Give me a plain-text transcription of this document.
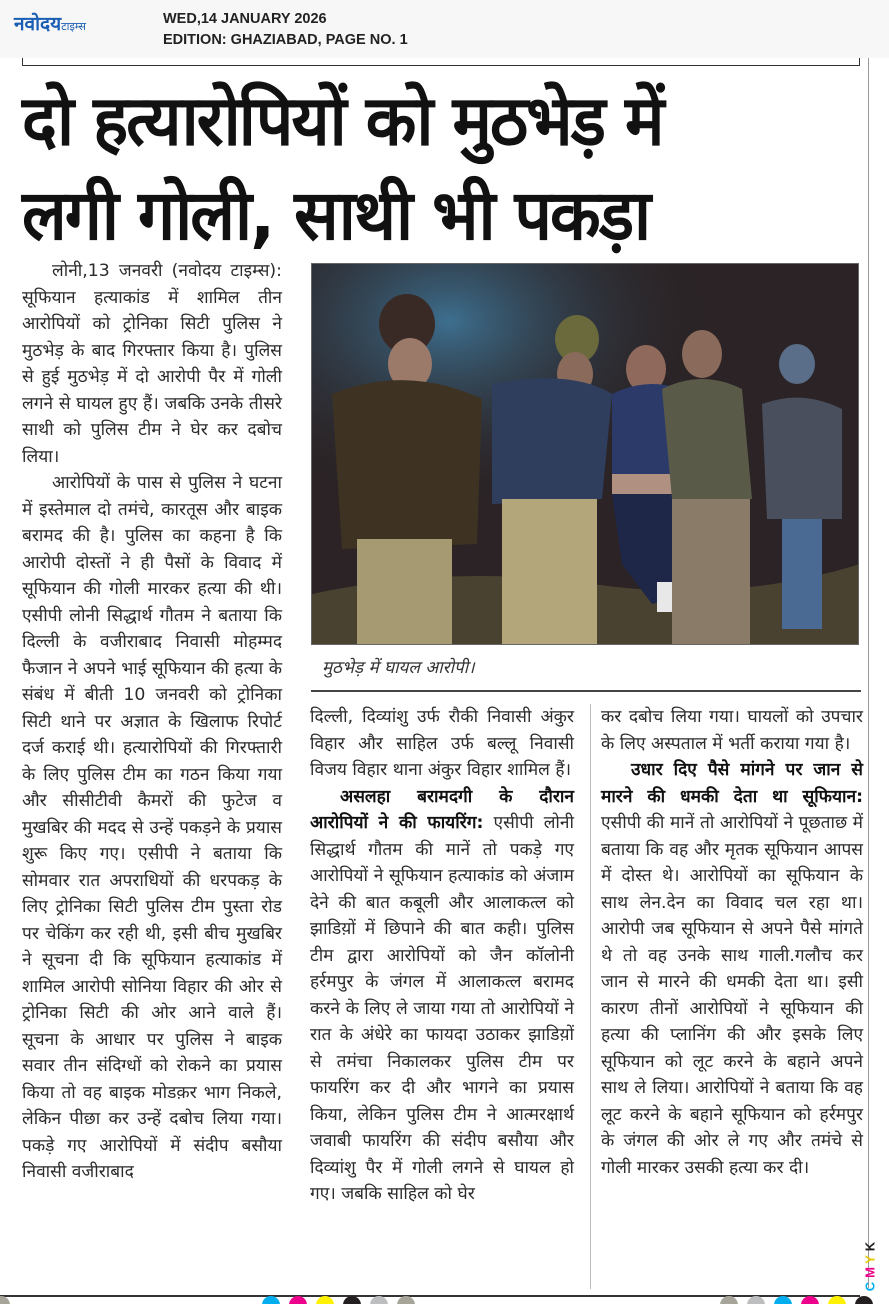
नवोदयटाइम्स	WED,14 JANUARY 2026
EDITION: GHAZIABAD, PAGE NO. 1
दो हत्यारोपियों को मुठभेड़ में
लगी गोली, साथी भी पकड़ा

लोनी,13 जनवरी (नवोदय टाइम्स): सूफियान हत्याकांड में शामिल तीन आरोपियों को ट्रोनिका सिटी पुलिस ने मुठभेड़ के बाद गिरफ्तार किया है। पुलिस से हुई मुठभेड़ में दो आरोपी पैर में गोली लगने से घायल हुए हैं। जबकि उनके तीसरे साथी को पुलिस टीम ने घेर कर दबोच लिया।

आरोपियों के पास से पुलिस ने घटना में इस्तेमाल दो तमंचे, कारतूस और बाइक बरामद की है। पुलिस का कहना है कि आरोपी दोस्तों ने ही पैसों के विवाद में सूफियान की गोली मारकर हत्या की थी। एसीपी लोनी सिद्धार्थ गौतम ने बताया कि दिल्ली के वजीराबाद निवासी मोहम्मद फैजान ने अपने भाई सूफियान की हत्या के संबंध में बीती 10 जनवरी को ट्रोनिका सिटी थाने पर अज्ञात के खिलाफ रिपोर्ट दर्ज कराई थी। हत्यारोपियों की गिरफ्तारी के लिए पुलिस टीम का गठन किया गया और सीसीटीवी कैमरों की फुटेज व मुखबिर की मदद से उन्हें पकड़ने के प्रयास शुरू किए गए। एसीपी ने बताया कि सोमवार रात अपराधियों की धरपकड़ के लिए ट्रोनिका सिटी पुलिस टीम पुस्ता रोड पर चेकिंग कर रही थी, इसी बीच मुखबिर ने सूचना दी कि सूफियान हत्याकांड में शामिल आरोपी सोनिया विहार की ओर से ट्रोनिका सिटी की ओर आने वाले हैं। सूचना के आधार पर पुलिस ने बाइक सवार तीन संदिग्धों को रोकने का प्रयास किया तो वह बाइक मोडक़र भाग निकले, लेकिन पीछा कर उन्हें दबोच लिया गया। पकड़े गए आरोपियों में संदीप बसौया निवासी वजीराबाद

मुठभेड़ में घायल आरोपी।

दिल्ली, दिव्यांशु उर्फ रौकी निवासी अंकुर विहार और साहिल उर्फ बल्लू निवासी विजय विहार थाना अंकुर विहार शामिल हैं।

असलहा बरामदगी के दौरान आरोपियों ने की फायरिंग: एसीपी लोनी सिद्धार्थ गौतम की मानें तो पकड़े गए आरोपियों ने सूफियान हत्याकांड को अंजाम देने की बात कबूली और आलाकत्ल को झाडिय़ों में छिपाने की बात कही। पुलिस टीम द्वारा आरोपियों को जैन कॉलोनी हर्रमपुर के जंगल में आलाकत्ल बरामद करने के लिए ले जाया गया तो आरोपियों ने रात के अंधेरे का फायदा उठाकर झाडिय़ों से तमंचा निकालकर पुलिस टीम पर फायरिंग कर दी और भागने का प्रयास किया, लेकिन पुलिस टीम ने आत्मरक्षार्थ जवाबी फायरिंग की संदीप बसौया और दिव्यांशु पैर में गोली लगने से घायल हो गए। जबकि साहिल को घेर

कर दबोच लिया गया। घायलों को उपचार के लिए अस्पताल में भर्ती कराया गया है।

उधार दिए पैसे मांगने पर जान से मारने की धमकी देता था सूफियान: एसीपी की मानें तो आरोपियों ने पूछताछ में बताया कि वह और मृतक सूफियान आपस में दोस्त थे। आरोपियों का सूफियान के साथ लेन.देन का विवाद चल रहा था। आरोपी जब सूफियान से अपने पैसे मांगते थे तो वह उनके साथ गाली.गलौच कर जान से मारने की धमकी देता था। इसी कारण तीनों आरोपियों ने सूफियान की हत्या की प्लानिंग की और इसके लिए सूफियान को लूट करने के बहाने अपने साथ ले लिया। आरोपियों ने बताया कि वह लूट करने के बहाने सूफियान को हर्रमपुर के जंगल की ओर ले गए और तमंचे से गोली मारकर उसकी हत्या कर दी।

C
M
Y
K
